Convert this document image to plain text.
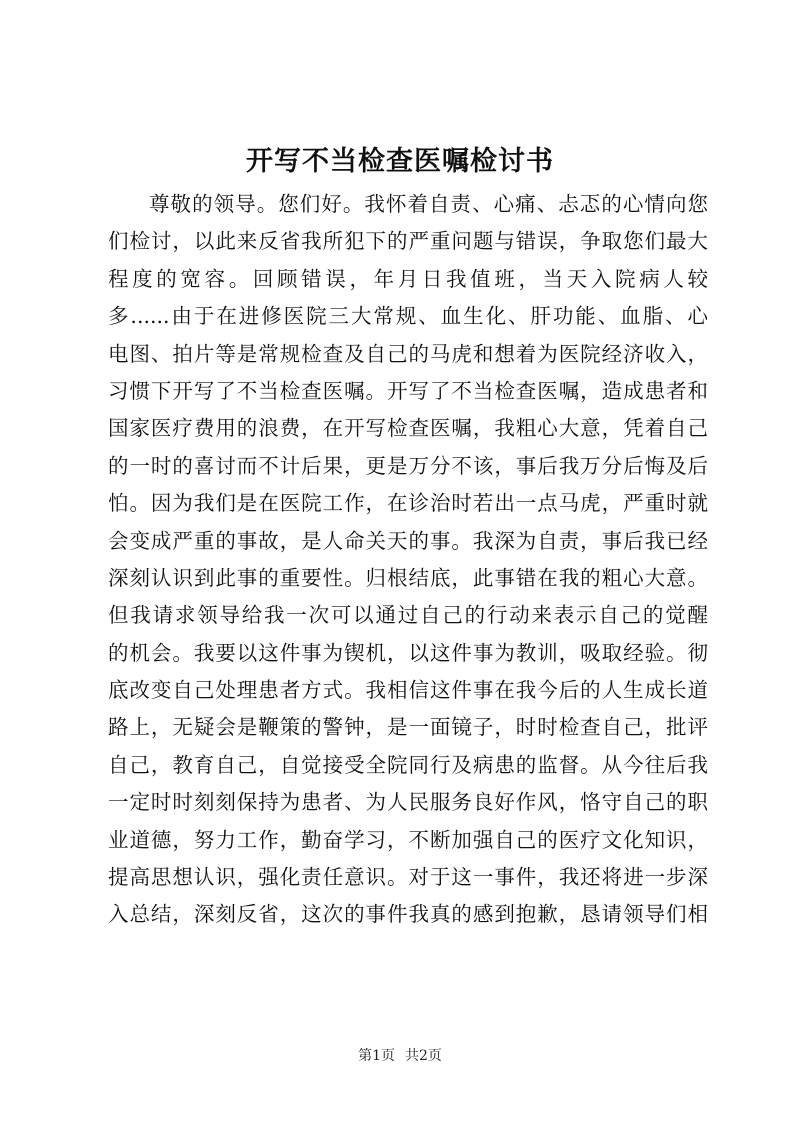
开写不当检查医嘱检讨书
尊敬的领导。您们好。我怀着自责、心痛、忐忑的心情向您
们检讨，以此来反省我所犯下的严重问题与错误，争取您们最大
程度的宽容。回顾错误，年月日我值班，当天入院病人较
多......由于在进修医院三大常规、血生化、肝功能、血脂、心
电图、拍片等是常规检查及自己的马虎和想着为医院经济收入，
习惯下开写了不当检查医嘱。开写了不当检查医嘱，造成患者和
国家医疗费用的浪费，在开写检查医嘱，我粗心大意，凭着自己
的一时的喜讨而不计后果，更是万分不该，事后我万分后悔及后
怕。因为我们是在医院工作，在诊治时若出一点马虎，严重时就
会变成严重的事故，是人命关天的事。我深为自责，事后我已经
深刻认识到此事的重要性。归根结底，此事错在我的粗心大意。
但我请求领导给我一次可以通过自己的行动来表示自己的觉醒
的机会。我要以这件事为锲机，以这件事为教训，吸取经验。彻
底改变自己处理患者方式。我相信这件事在我今后的人生成长道
路上，无疑会是鞭策的警钟，是一面镜子，时时检查自己，批评
自己，教育自己，自觉接受全院同行及病患的监督。从今往后我
一定时时刻刻保持为患者、为人民服务良好作风，恪守自己的职
业道德，努力工作，勤奋学习，不断加强自己的医疗文化知识，
提高思想认识，强化责任意识。对于这一事件，我还将进一步深
入总结，深刻反省，这次的事件我真的感到抱歉，恳请领导们相
第1页 共2页
